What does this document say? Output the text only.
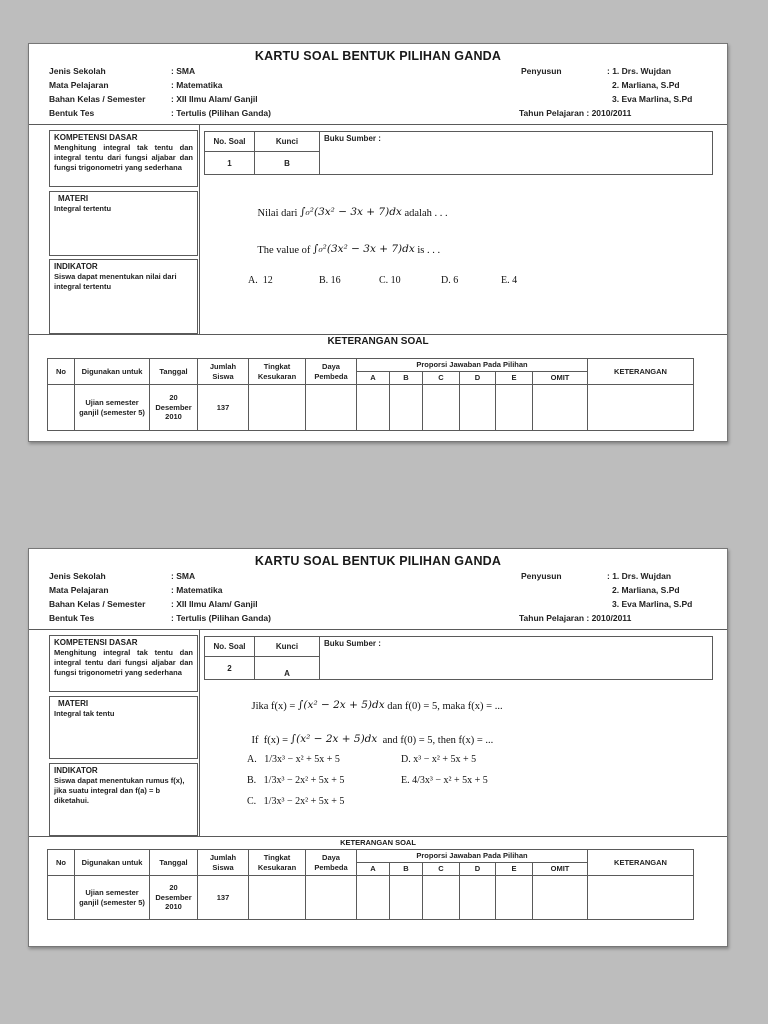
KARTU SOAL BENTUK PILIHAN GANDA
Jenis Sekolah	: SMA
Mata Pelajaran	: Matematika
Bahan Kelas / Semester	: XII Ilmu Alam/ Ganjil
Bentuk Tes	: Tertulis (Pilihan Ganda)
Penyusun	: 1. Drs. Wujdan
2. Marliana, S.Pd
3. Eva Marlina, S.Pd
Tahun Pelajaran : 2010/2011
KOMPETENSI DASAR
Menghitung integral tak tentu dan integral tentu dari fungsi aljabar dan fungsi trigonometri yang sederhana
MATERI
Integral tertentu
INDIKATOR
Siswa dapat menentukan nilai dari integral tertentu
No. Soal	Kunci
1	B
Buku Sumber :

Nilai dari ∫₀²(3x² − 3x + 7)dx adalah . . .

The value of ∫₀²(3x² − 3x + 7)dx is . . .

A.  12	B. 16	C. 10	D. 6	E. 4
KETERANGAN SOAL
No	Digunakan untuk	Tanggal	Jumlah Siswa	Tingkat Kesukaran	Daya Pembeda	Proporsi Jawaban Pada Pilihan						KETERANGAN
						A	B	C	D	E	OMIT	
	Ujian semester ganjil (semester 5)	20 Desember 2010	137									
KARTU SOAL BENTUK PILIHAN GANDA
Jenis Sekolah	: SMA
Mata Pelajaran	: Matematika
Bahan Kelas / Semester	: XII Ilmu Alam/ Ganjil
Bentuk Tes	: Tertulis (Pilihan Ganda)
Penyusun	: 1. Drs. Wujdan
2. Marliana, S.Pd
3. Eva Marlina, S.Pd
Tahun Pelajaran : 2010/2011
KOMPETENSI DASAR
Menghitung integral tak tentu dan integral tentu dari fungsi aljabar dan fungsi trigonometri yang sederhana
MATERI
Integral tak tentu
INDIKATOR
Siswa dapat menentukan rumus f(x), jika suatu integral dan f(a) = b diketahui.
No. Soal	Kunci
2	A
Buku Sumber :

Jika f(x) = ∫(x² − 2x + 5)dx dan f(0) = 5, maka f(x) = ...

If  f(x) = ∫(x² − 2x + 5)dx  and f(0) = 5, then f(x) = ...

A.   1/3x³ − x² + 5x + 5
B.   1/3x³ − 2x² + 5x + 5
C.   1/3x³ − 2x² + 5x + 5
D. x³ − x² + 5x + 5
E. 4/3x³ − x² + 5x + 5
KETERANGAN SOAL
No	Digunakan untuk	Tanggal	Jumlah Siswa	Tingkat Kesukaran	Daya Pembeda	Proporsi Jawaban Pada Pilihan						KETERANGAN
						A	B	C	D	E	OMIT	
	Ujian semester ganjil (semester 5)	20 Desember 2010	137									
